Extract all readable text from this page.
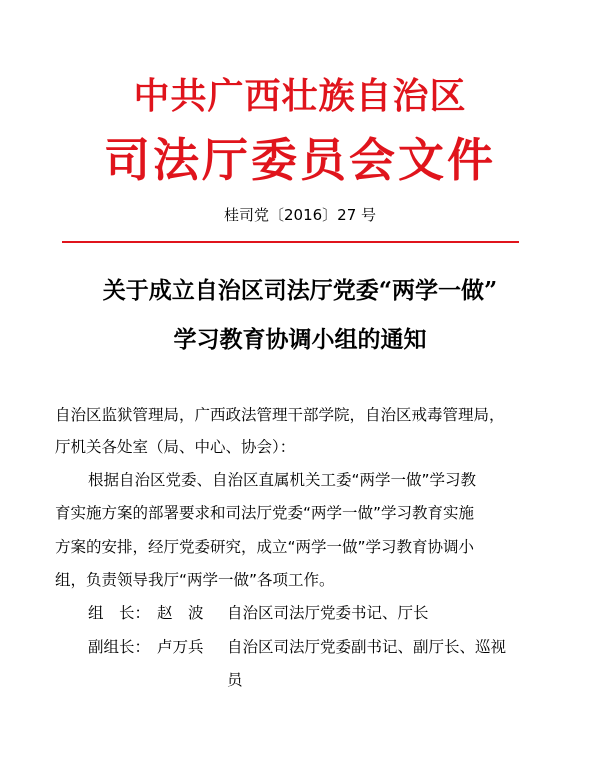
中共广西壮族自治区
司法厅委员会文件
桂司党〔2016〕27 号
关于成立自治区司法厅党委“两学一做”
学习教育协调小组的通知
自治区监狱管理局，广西政法管理干部学院，自治区戒毒管理局，
厅机关各处室（局、中心、协会）：
根据自治区党委、自治区直属机关工委“两学一做”学习教
育实施方案的部署要求和司法厅党委“两学一做”学习教育实施
方案的安排，经厅党委研究，成立“两学一做”学习教育协调小
组，负责领导我厅“两学一做”各项工作。
组　长： 赵　波 自治区司法厅党委书记、厅长
副组长： 卢万兵 自治区司法厅党委副书记、副厅长、巡视
员
